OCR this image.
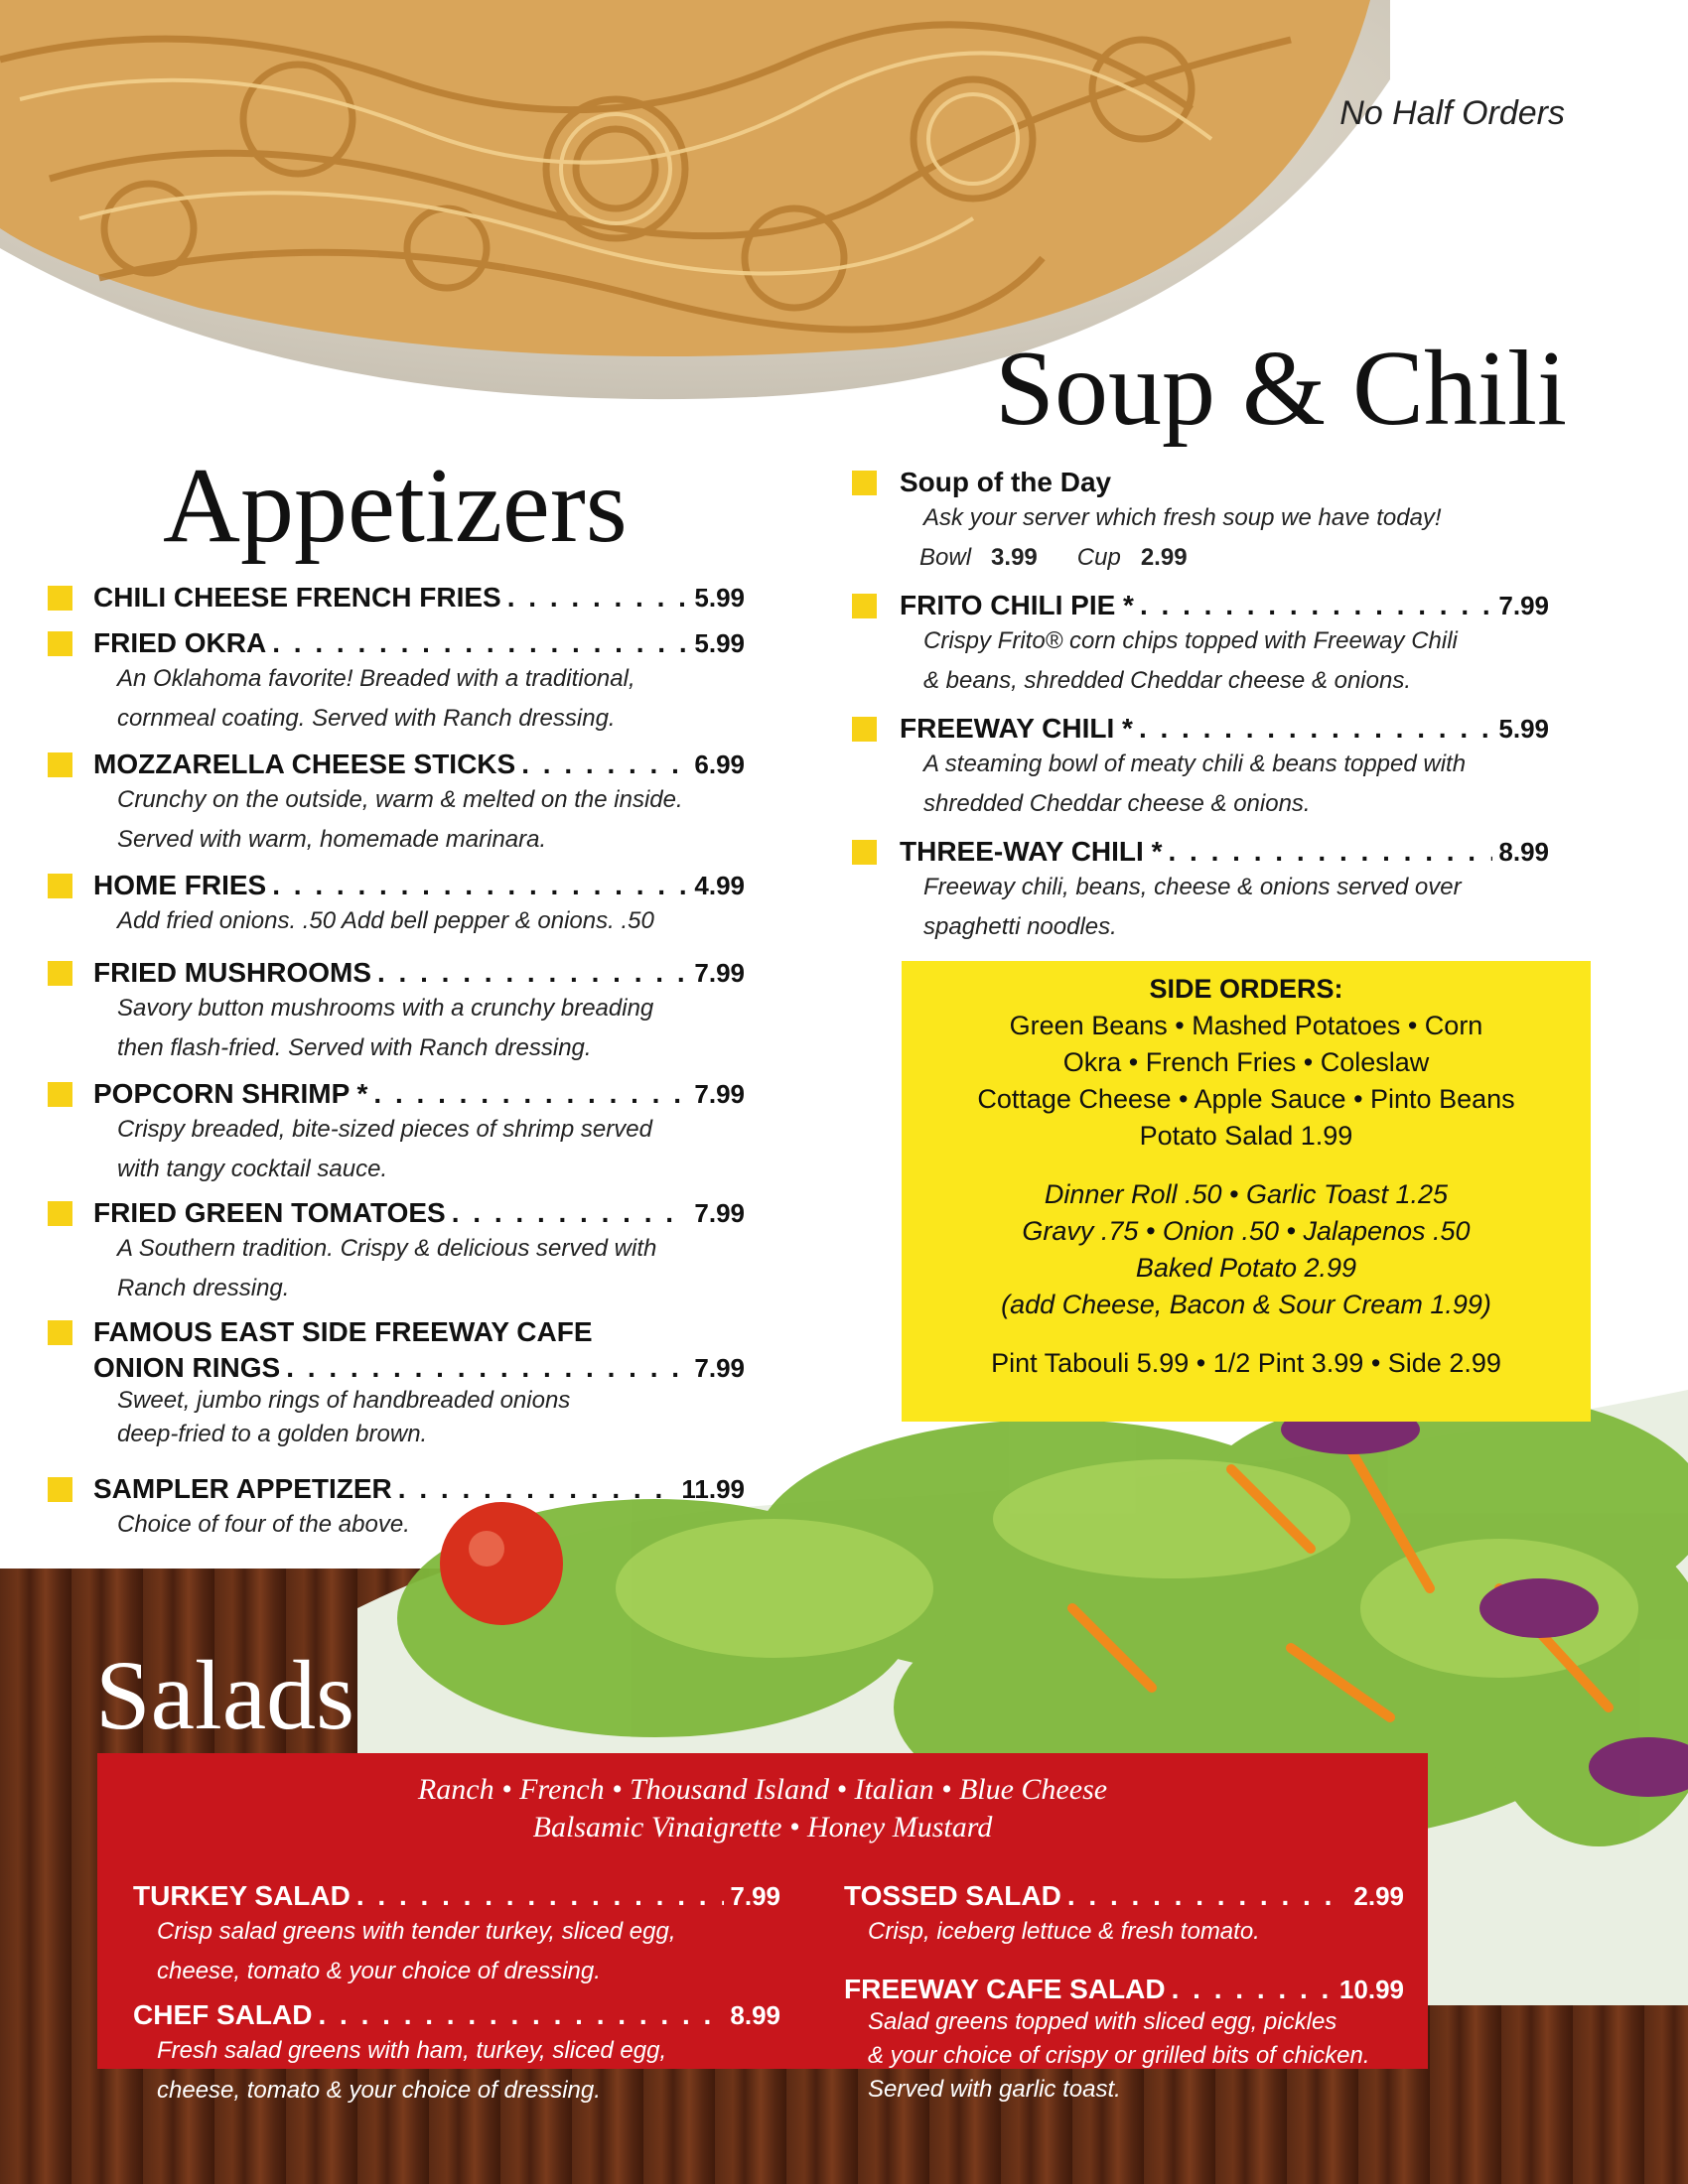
No Half Orders
Soup & Chili
Appetizers
CHILI CHEESE FRENCH FRIES . . .	5.99
FRIED OKRA . . .	5.99
An Oklahoma favorite! Breaded with a traditional,
cornmeal coating. Served with Ranch dressing.
MOZZARELLA CHEESE STICKS . . .	6.99
Crunchy on the outside, warm & melted on the inside.
Served with warm, homemade marinara.
HOME FRIES . . .	4.99
Add fried onions. .50 Add bell pepper & onions. .50
FRIED MUSHROOMS . . .	7.99
Savory button mushrooms with a crunchy breading
then flash-fried. Served with Ranch dressing.
POPCORN SHRIMP * . . .	7.99
Crispy breaded, bite-sized pieces of shrimp served
with tangy cocktail sauce.
FRIED GREEN TOMATOES . . .	7.99
A Southern tradition. Crispy & delicious served with
Ranch dressing.
FAMOUS EAST SIDE FREEWAY CAFE
ONION RINGS . . .	7.99
Sweet, jumbo rings of handbreaded onions
deep-fried to a golden brown.
SAMPLER APPETIZER . . .	11.99
Choice of four of the above.
Soup of the Day
Ask your server which fresh soup we have today!
Bowl 3.99 Cup 2.99
FRITO CHILI PIE * . . .	7.99
Crispy Frito® corn chips topped with Freeway Chili
& beans, shredded Cheddar cheese & onions.
FREEWAY CHILI * . . .	5.99
A steaming bowl of meaty chili & beans topped with
shredded Cheddar cheese & onions.
THREE-WAY CHILI * . . .	8.99
Freeway chili, beans, cheese & onions served over
spaghetti noodles.
SIDE ORDERS:
Green Beans • Mashed Potatoes • Corn
Okra • French Fries • Coleslaw
Cottage Cheese • Apple Sauce • Pinto Beans
Potato Salad 1.99
Dinner Roll .50 • Garlic Toast 1.25
Gravy .75 • Onion .50 • Jalapenos .50
Baked Potato 2.99
(add Cheese, Bacon & Sour Cream 1.99)
Pint Tabouli 5.99 • 1/2 Pint 3.99 • Side 2.99
Salads
Ranch • French • Thousand Island • Italian • Blue Cheese
Balsamic Vinaigrette • Honey Mustard
TURKEY SALAD . . .	7.99
Crisp salad greens with tender turkey, sliced egg,
cheese, tomato & your choice of dressing.
CHEF SALAD . . .	8.99
Fresh salad greens with ham, turkey, sliced egg,
cheese, tomato & your choice of dressing.
TOSSED SALAD . . .	2.99
Crisp, iceberg lettuce & fresh tomato.
FREEWAY CAFE SALAD . . .	10.99
Salad greens topped with sliced egg, pickles
& your choice of crispy or grilled bits of chicken.
Served with garlic toast.
